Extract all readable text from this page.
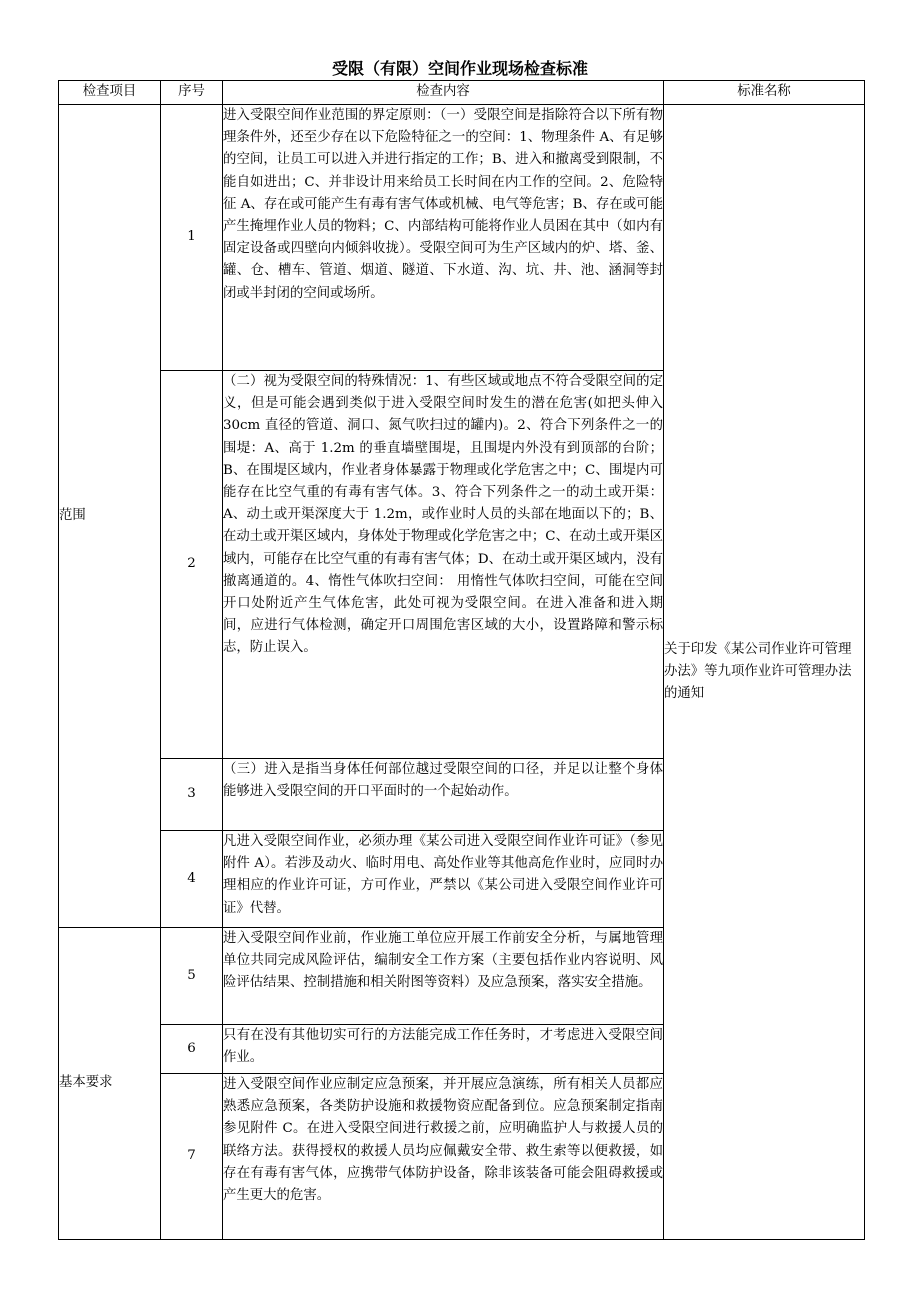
受限（有限）空间作业现场检查标准
检查项目	序号	检查内容	标准名称
范围	1	进入受限空间作业范围的界定原则：（一）受限空间是指除符合以下所有物理条件外，还至少存在以下危险特征之一的空间：1、物理条件 A、有足够的空间，让员工可以进入并进行指定的工作；B、进入和撤离受到限制，不能自如进出；C、并非设计用来给员工长时间在内工作的空间。2、危险特征 A、存在或可能产生有毒有害气体或机械、电气等危害；B、存在或可能产生掩埋作业人员的物料；C、内部结构可能将作业人员困在其中（如内有固定设备或四壁向内倾斜收拢）。受限空间可为生产区域内的炉、塔、釜、罐、仓、槽车、管道、烟道、隧道、下水道、沟、坑、井、池、涵洞等封闭或半封闭的空间或场所。	关于印发《某公司作业许可管理办法》等九项作业许可管理办法的通知
	2	（二）视为受限空间的特殊情况：1、有些区域或地点不符合受限空间的定义，但是可能会遇到类似于进入受限空间时发生的潜在危害(如把头伸入 30cm 直径的管道、洞口、氮气吹扫过的罐内)。2、符合下列条件之一的围堤：A、高于 1.2m 的垂直墙壁围堤，且围堤内外没有到顶部的台阶；B、在围堤区域内，作业者身体暴露于物理或化学危害之中；C、围堤内可能存在比空气重的有毒有害气体。3、符合下列条件之一的动土或开渠：A、动土或开渠深度大于 1.2m，或作业时人员的头部在地面以下的；B、在动土或开渠区域内，身体处于物理或化学危害之中；C、在动土或开渠区域内，可能存在比空气重的有毒有害气体；D、在动土或开渠区域内，没有撤离通道的。4、惰性气体吹扫空间： 用惰性气体吹扫空间，可能在空间开口处附近产生气体危害，此处可视为受限空间。在进入准备和进入期间，应进行气体检测，确定开口周围危害区域的大小，设置路障和警示标志，防止误入。	
	3	（三）进入是指当身体任何部位越过受限空间的口径，并足以让整个身体能够进入受限空间的开口平面时的一个起始动作。	
	4	凡进入受限空间作业，必须办理《某公司进入受限空间作业许可证》（参见附件 A）。若涉及动火、临时用电、高处作业等其他高危作业时，应同时办理相应的作业许可证，方可作业，严禁以《某公司进入受限空间作业许可证》代替。	
基本要求	5	进入受限空间作业前，作业施工单位应开展工作前安全分析，与属地管理单位共同完成风险评估，编制安全工作方案（主要包括作业内容说明、风险评估结果、控制措施和相关附图等资料）及应急预案，落实安全措施。	
	6	只有在没有其他切实可行的方法能完成工作任务时，才考虑进入受限空间作业。	
	7	进入受限空间作业应制定应急预案，并开展应急演练，所有相关人员都应熟悉应急预案，各类防护设施和救援物资应配备到位。应急预案制定指南参见附件 C。在进入受限空间进行救援之前，应明确监护人与救援人员的联络方法。获得授权的救援人员均应佩戴安全带、救生索等以便救援，如存在有毒有害气体，应携带气体防护设备，除非该装备可能会阻碍救援或产生更大的危害。	
